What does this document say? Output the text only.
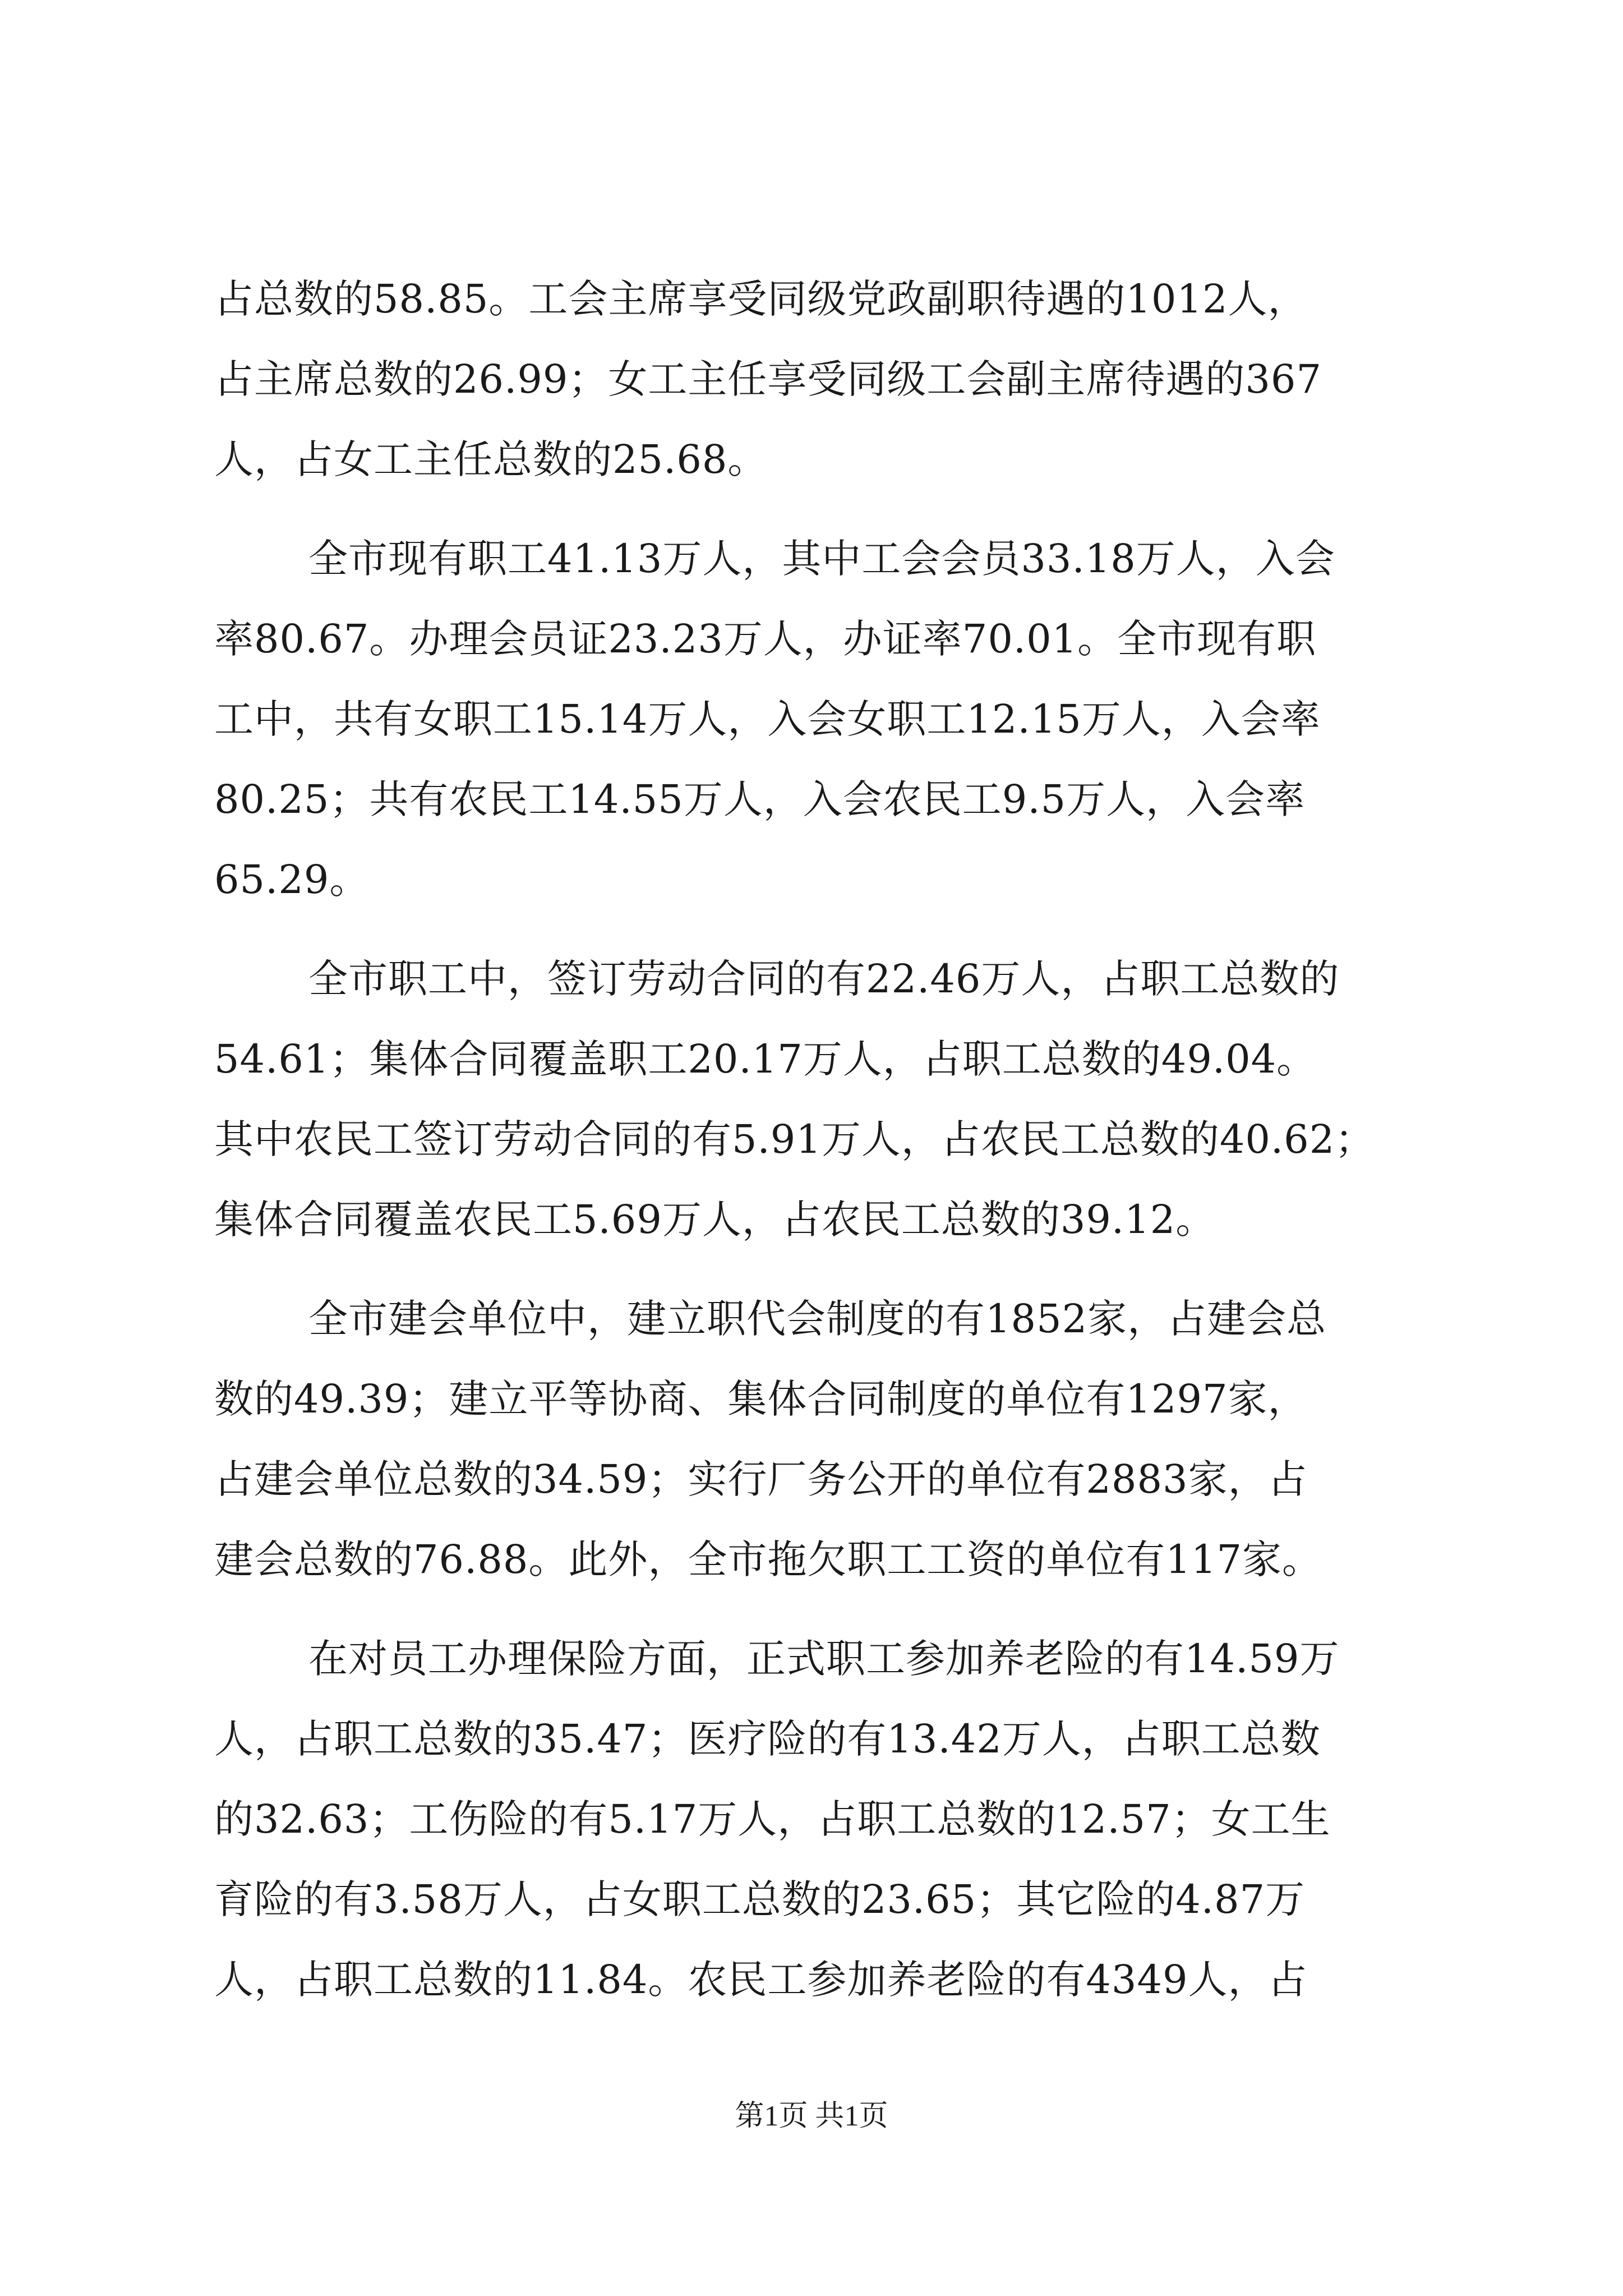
占总数的58.85。工会主席享受同级党政副职待遇的1012人，
占主席总数的26.99；女工主任享受同级工会副主席待遇的367
人，占女工主任总数的25.68。
全市现有职工41.13万人，其中工会会员33.18万人，入会
率80.67。办理会员证23.23万人，办证率70.01。全市现有职
工中，共有女职工15.14万人，入会女职工12.15万人，入会率
80.25；共有农民工14.55万人，入会农民工9.5万人，入会率
65.29。
全市职工中，签订劳动合同的有22.46万人，占职工总数的
54.61；集体合同覆盖职工20.17万人，占职工总数的49.04。
其中农民工签订劳动合同的有5.91万人，占农民工总数的40.62；
集体合同覆盖农民工5.69万人，占农民工总数的39.12。
全市建会单位中，建立职代会制度的有1852家，占建会总
数的49.39；建立平等协商、集体合同制度的单位有1297家，
占建会单位总数的34.59；实行厂务公开的单位有2883家，占
建会总数的76.88。此外，全市拖欠职工工资的单位有117家。
在对员工办理保险方面，正式职工参加养老险的有14.59万
人，占职工总数的35.47；医疗险的有13.42万人，占职工总数
的32.63；工伤险的有5.17万人，占职工总数的12.57；女工生
育险的有3.58万人，占女职工总数的23.65；其它险的4.87万
人，占职工总数的11.84。农民工参加养老险的有4349人，占
第1页 共1页
